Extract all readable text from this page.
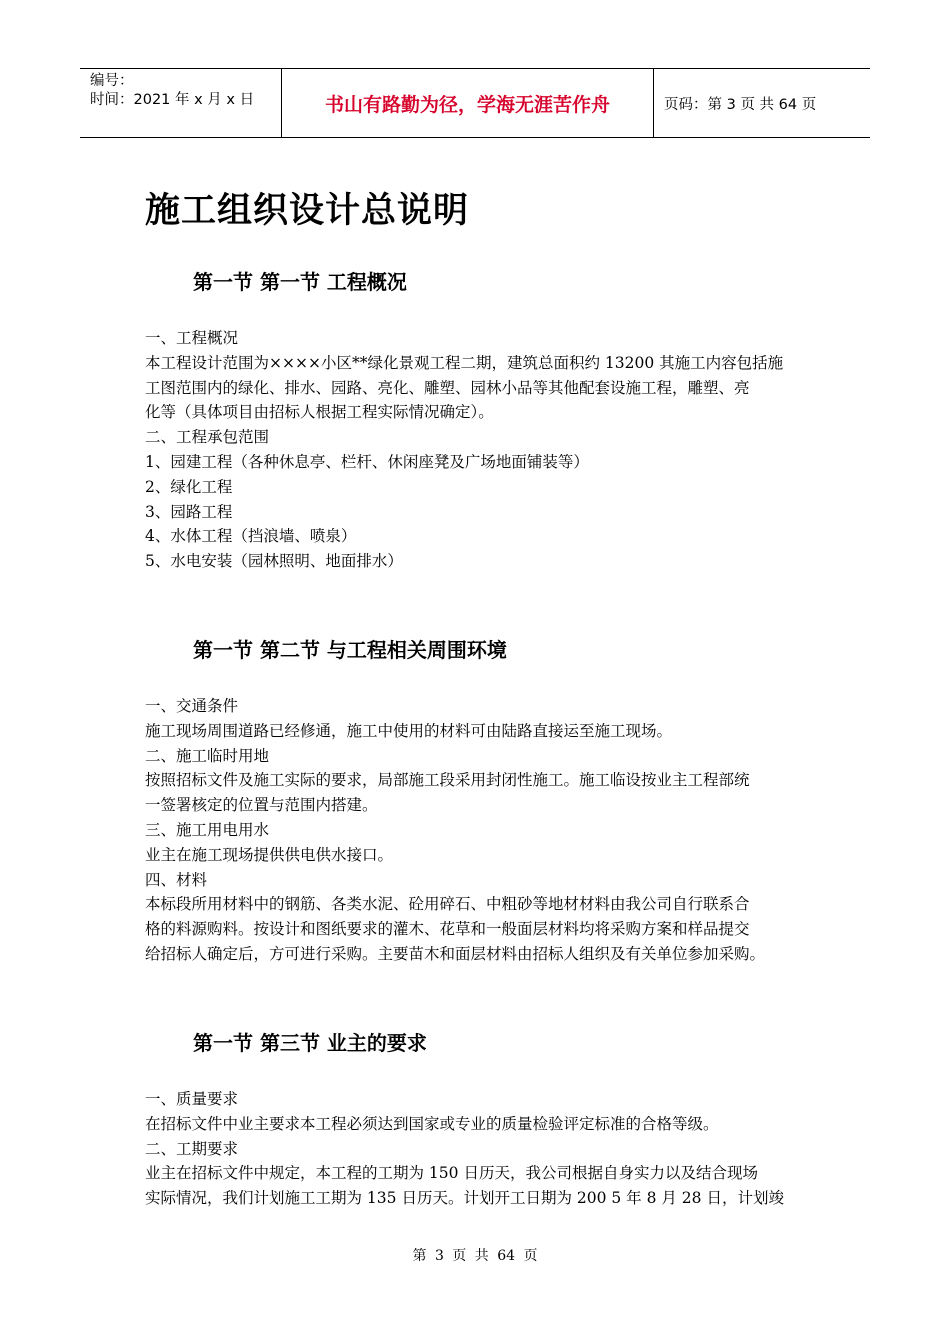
编号：
时间：2021 年 x 月 x 日	书山有路勤为径，学海无涯苦作舟	页码：第 3 页 共 64 页
施工组织设计总说明
第一节 第一节 工程概况

一、工程概况

本工程设计范围为××××小区**绿化景观工程二期，建筑总面积约 13200 其施工内容包括施

工图范围内的绿化、排水、园路、亮化、雕塑、园林小品等其他配套设施工程，雕塑、亮

化等（具体项目由招标人根据工程实际情况确定）。

二、工程承包范围

1、园建工程（各种休息亭、栏杆、休闲座凳及广场地面铺装等）

2、绿化工程

3、园路工程

4、水体工程（挡浪墙、喷泉）

5、水电安装（园林照明、地面排水）

第一节 第二节 与工程相关周围环境

一、交通条件

施工现场周围道路已经修通，施工中使用的材料可由陆路直接运至施工现场。

二、施工临时用地

按照招标文件及施工实际的要求，局部施工段采用封闭性施工。施工临设按业主工程部统

一签署核定的位置与范围内搭建。

三、施工用电用水

业主在施工现场提供供电供水接口。

四、材料

本标段所用材料中的钢筋、各类水泥、砼用碎石、中粗砂等地材材料由我公司自行联系合

格的料源购料。按设计和图纸要求的灌木、花草和一般面层材料均将采购方案和样品提交

给招标人确定后，方可进行采购。主要苗木和面层材料由招标人组织及有关单位参加采购。

第一节 第三节 业主的要求

一、质量要求

在招标文件中业主要求本工程必须达到国家或专业的质量检验评定标准的合格等级。

二、工期要求

业主在招标文件中规定，本工程的工期为 150 日历天，我公司根据自身实力以及结合现场

实际情况，我们计划施工工期为 135 日历天。计划开工日期为 200 5 年 8 月 28 日，计划竣

第 3 页 共 64 页
